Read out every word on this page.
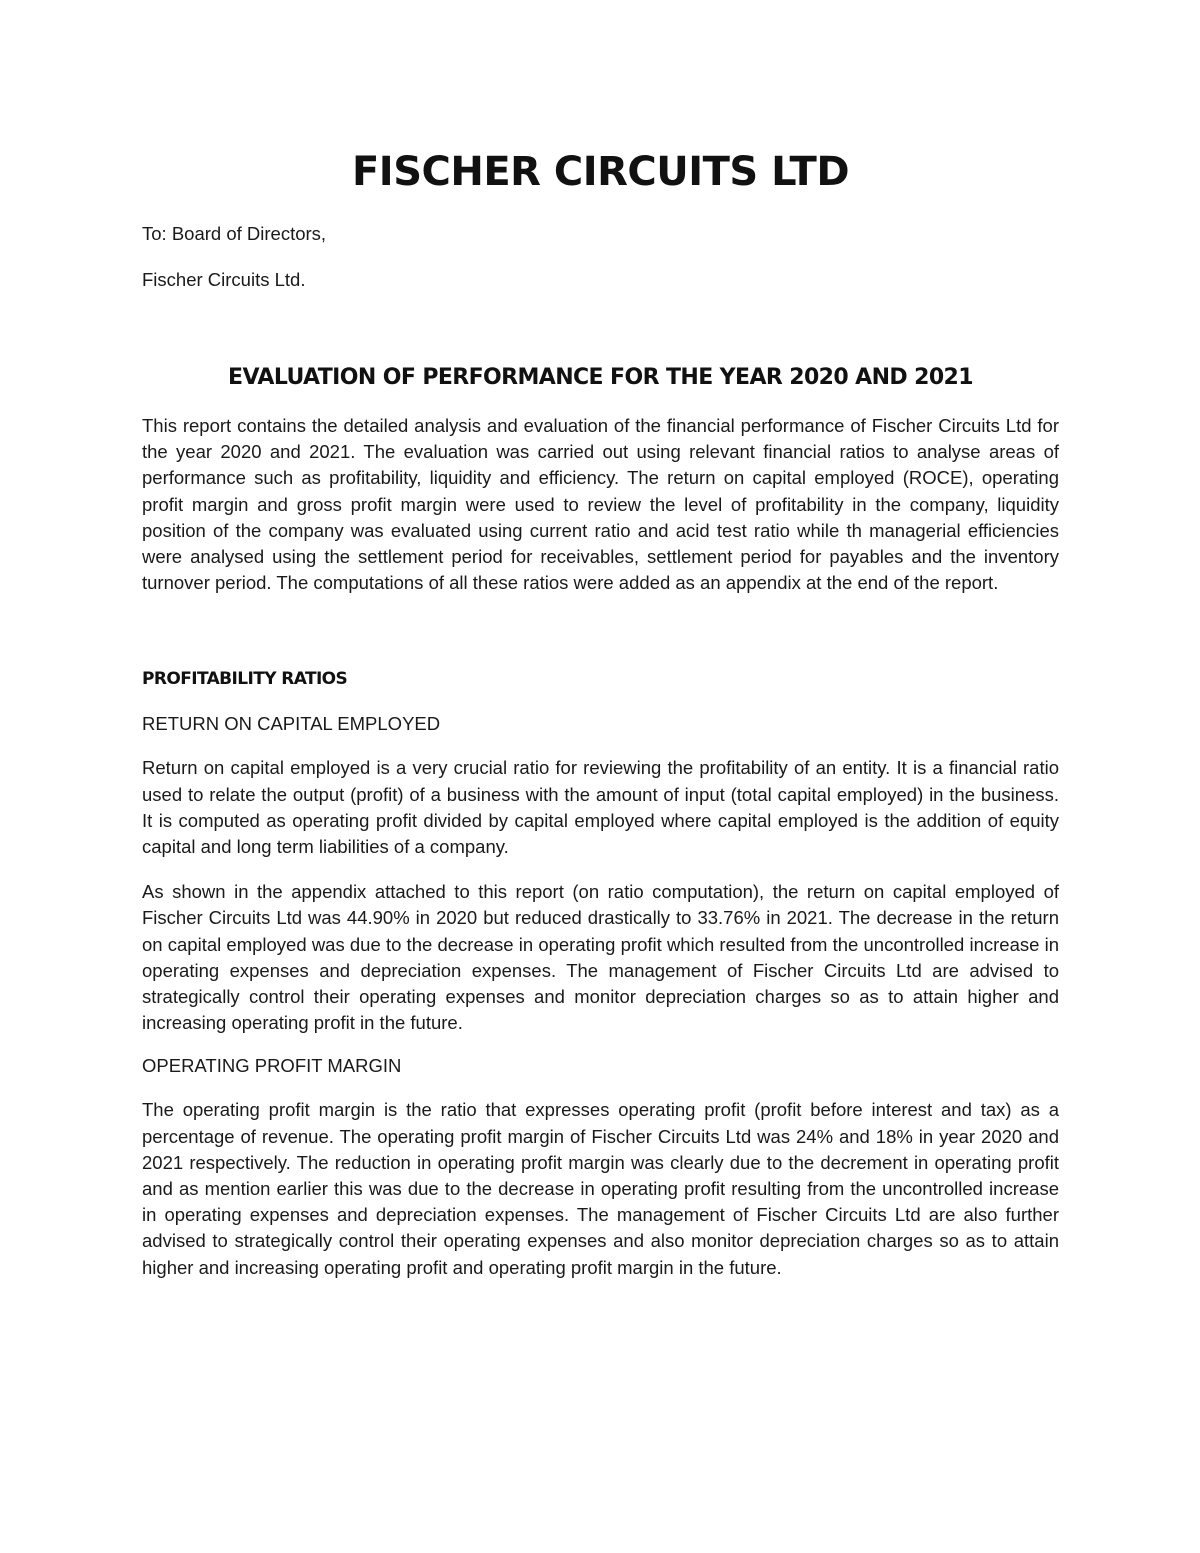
FISCHER CIRCUITS LTD

To: Board of Directors,

Fischer Circuits Ltd.

EVALUATION OF PERFORMANCE FOR THE YEAR 2020 AND 2021

This report contains the detailed analysis and evaluation of the financial performance of Fischer Circuits Ltd for the year 2020 and 2021. The evaluation was carried out using relevant financial ratios to analyse areas of performance such as profitability, liquidity and efficiency. The return on capital employed (ROCE), operating profit margin and gross profit margin were used to review the level of profitability in the company, liquidity position of the company was evaluated using current ratio and acid test ratio while th managerial efficiencies were analysed using the settlement period for receivables, settlement period for payables and the inventory turnover period. The computations of all these ratios were added as an appendix at the end of the report.

PROFITABILITY RATIOS

RETURN ON CAPITAL EMPLOYED

Return on capital employed is a very crucial ratio for reviewing the profitability of an entity. It is a financial ratio used to relate the output (profit) of a business with the amount of input (total capital employed) in the business. It is computed as operating profit divided by capital employed where capital employed is the addition of equity capital and long term liabilities of a company.

As shown in the appendix attached to this report (on ratio computation), the return on capital employed of Fischer Circuits Ltd was 44.90% in 2020 but reduced drastically to 33.76% in 2021. The decrease in the return on capital employed was due to the decrease in operating profit which resulted from the uncontrolled increase in operating expenses and depreciation expenses. The management of Fischer Circuits Ltd are advised to strategically control their operating expenses and monitor depreciation charges so as to attain higher and increasing operating profit in the future.

OPERATING PROFIT MARGIN

The operating profit margin is the ratio that expresses operating profit (profit before interest and tax) as a percentage of revenue. The operating profit margin of Fischer Circuits Ltd was 24% and 18% in year 2020 and 2021 respectively. The reduction in operating profit margin was clearly due to the decrement in operating profit and as mention earlier this was due to the decrease in operating profit resulting from the uncontrolled increase in operating expenses and depreciation expenses. The management of Fischer Circuits Ltd are also further advised to strategically control their operating expenses and also monitor depreciation charges so as to attain higher and increasing operating profit and operating profit margin in the future.
